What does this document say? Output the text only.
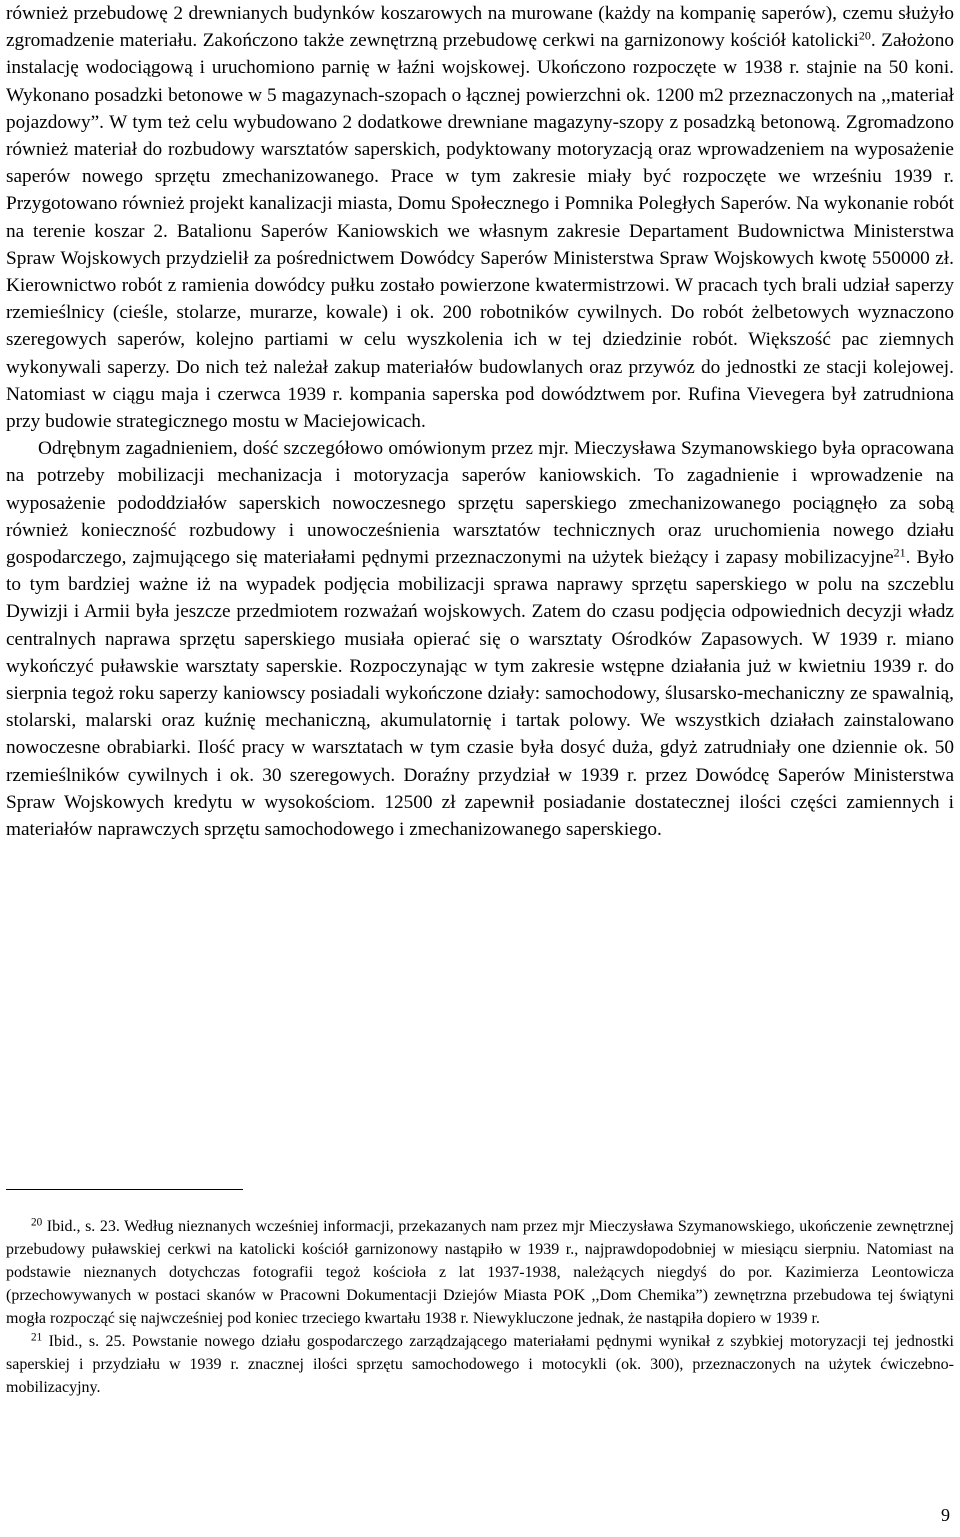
również przebudowę 2 drewnianych budynków koszarowych na murowane (każdy na kompanię saperów), czemu służyło zgromadzenie materiału. Zakończono także zewnętrzną przebudowę cerkwi na garnizonowy kościół katolicki$^{20}$. Założono instalację wodociągową i uruchomiono parnię w łaźni wojskowej. Ukończono rozpoczęte w 1938 r. stajnie na 50 koni. Wykonano posadzki betonowe w 5 magazynach-szopach o łącznej powierzchni ok. 1200 m2 przeznaczonych na ,,materiał pojazdowy”. W tym też celu wybudowano 2 dodatkowe drewniane magazyny-szopy z posadzką betonową. Zgromadzono również materiał do rozbudowy warsztatów saperskich, podyktowany motoryzacją oraz wprowadzeniem na wyposażenie saperów nowego sprzętu zmechanizowanego. Prace w tym zakresie miały być rozpoczęte we wrześniu 1939 r. Przygotowano również projekt kanalizacji miasta, Domu Społecznego i Pomnika Poległych Saperów. Na wykonanie robót na terenie koszar 2. Batalionu Saperów Kaniowskich we własnym zakresie Departament Budownictwa Ministerstwa Spraw Wojskowych przydzielił za pośrednictwem Dowódcy Saperów Ministerstwa Spraw Wojskowych kwotę 550000 zł. Kierownictwo robót z ramienia dowódcy pułku zostało powierzone kwatermistrzowi. W pracach tych brali udział saperzy rzemieślnicy (cieśle, stolarze, murarze, kowale) i ok. 200 robotników cywilnych. Do robót żelbetowych wyznaczono szeregowych saperów, kolejno partiami w celu wyszkolenia ich w tej dziedzinie robót. Większość pac ziemnych wykonywali saperzy. Do nich też należał zakup materiałów budowlanych oraz przywóz do jednostki ze stacji kolejowej. Natomiast w ciągu maja i czerwca 1939 r. kompania saperska pod dowództwem por. Rufina Vievegera był zatrudniona przy budowie strategicznego mostu w Maciejowicach.

Odrębnym zagadnieniem, dość szczegółowo omówionym przez mjr. Mieczysława Szymanowskiego była opracowana na potrzeby mobilizacji mechanizacja i motoryzacja saperów kaniowskich. To zagadnienie i wprowadzenie na wyposażenie pododdziałów saperskich nowoczesnego sprzętu saperskiego zmechanizowanego pociągnęło za sobą również konieczność rozbudowy i unowocześnienia warsztatów technicznych oraz uruchomienia nowego działu gospodarczego, zajmującego się materiałami pędnymi przeznaczonymi na użytek bieżący i zapasy mobilizacyjne$^{21}$. Było to tym bardziej ważne iż na wypadek podjęcia mobilizacji sprawa naprawy sprzętu saperskiego w polu na szczeblu Dywizji i Armii była jeszcze przedmiotem rozważań wojskowych. Zatem do czasu podjęcia odpowiednich decyzji władz centralnych naprawa sprzętu saperskiego musiała opierać się o warsztaty Ośrodków Zapasowych. W 1939 r. miano wykończyć puławskie warsztaty saperskie. Rozpoczynając w tym zakresie wstępne działania już w kwietniu 1939 r. do sierpnia tegoż roku saperzy kaniowscy posiadali wykończone działy: samochodowy, ślusarsko-mechaniczny ze spawalnią, stolarski, malarski oraz kuźnię mechaniczną, akumulatornię i tartak polowy. We wszystkich działach zainstalowano nowoczesne obrabiarki. Ilość pracy w warsztatach w tym czasie była dosyć duża, gdyż zatrudniały one dziennie ok. 50 rzemieślników cywilnych i ok. 30 szeregowych. Doraźny przydział w 1939 r. przez Dowódcę Saperów Ministerstwa Spraw Wojskowych kredytu w wysokościom. 12500 zł zapewnił posiadanie dostatecznej ilości części zamiennych i materiałów naprawczych sprzętu samochodowego i zmechanizowanego saperskiego.

$^{20}$ Ibid., s. 23. Według nieznanych wcześniej informacji, przekazanych nam przez mjr Mieczysława Szymanowskiego, ukończenie zewnętrznej przebudowy puławskiej cerkwi na katolicki kościół garnizonowy nastąpiło w 1939 r., najprawdopodobniej w miesiącu sierpniu. Natomiast na podstawie nieznanych dotychczas fotografii tegoż kościoła z lat 1937-1938, należących niegdyś do por. Kazimierza Leontowicza (przechowywanych w postaci skanów w Pracowni Dokumentacji Dziejów Miasta POK ,,Dom Chemika”) zewnętrzna przebudowa tej świątyni mogła rozpocząć się najwcześniej pod koniec trzeciego kwartału 1938 r. Niewykluczone jednak, że nastąpiła dopiero w 1939 r.

$^{21}$ Ibid., s. 25. Powstanie nowego działu gospodarczego zarządzającego materiałami pędnymi wynikał z szybkiej motoryzacji tej jednostki saperskiej i przydziału w 1939 r. znacznej ilości sprzętu samochodowego i motocykli (ok. 300), przeznaczonych na użytek ćwiczebno-mobilizacyjny.

9
